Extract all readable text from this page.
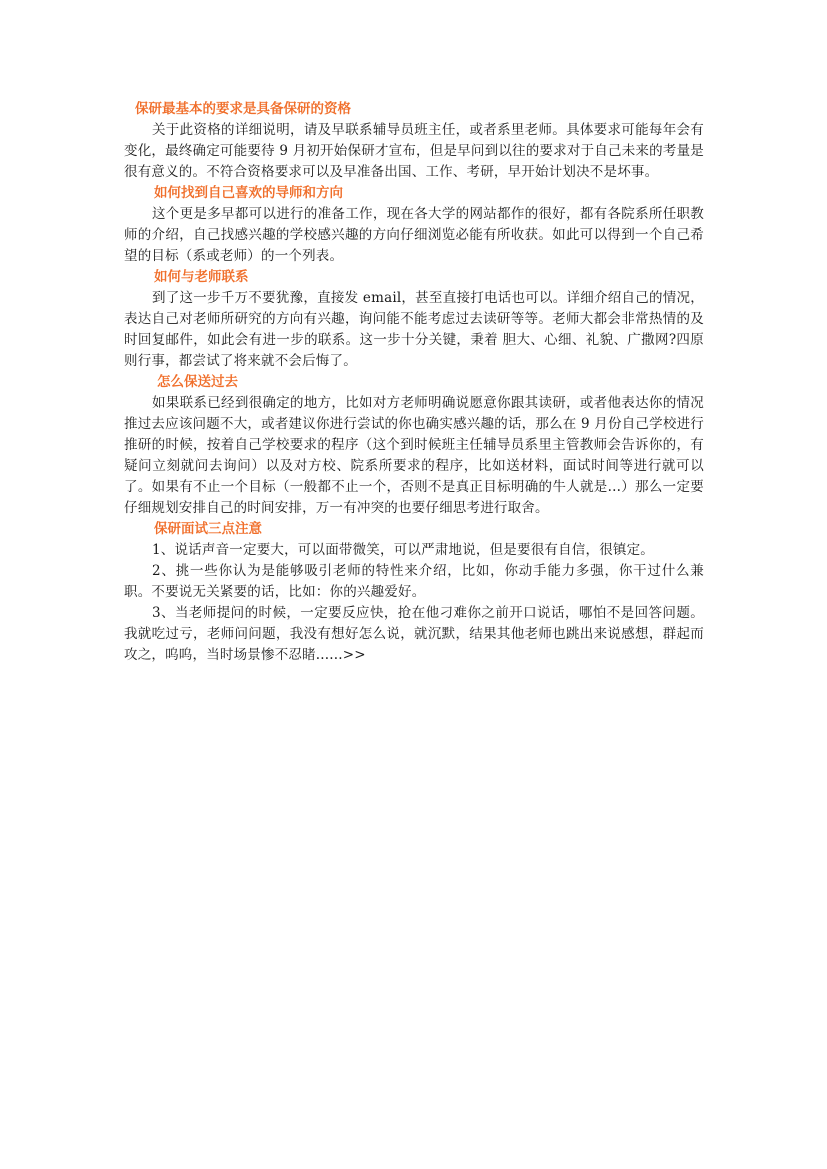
保研最基本的要求是具备保研的资格

关于此资格的详细说明，请及早联系辅导员班主任，或者系里老师。具体要求可能每年会有变化，最终确定可能要待 9 月初开始保研才宣布，但是早问到以往的要求对于自己未来的考量是很有意义的。不符合资格要求可以及早准备出国、工作、考研，早开始计划决不是坏事。

如何找到自己喜欢的导师和方向

这个更是多早都可以进行的准备工作，现在各大学的网站都作的很好，都有各院系所任职教师的介绍，自己找感兴趣的学校感兴趣的方向仔细浏览必能有所收获。如此可以得到一个自己希望的目标（系或老师）的一个列表。

如何与老师联系

到了这一步千万不要犹豫，直接发 email，甚至直接打电话也可以。详细介绍自己的情况，表达自己对老师所研究的方向有兴趣，询问能不能考虑过去读研等等。老师大都会非常热情的及时回复邮件，如此会有进一步的联系。这一步十分关键，秉着 胆大、心细、礼貌、广撒网?四原则行事，都尝试了将来就不会后悔了。

怎么保送过去

如果联系已经到很确定的地方，比如对方老师明确说愿意你跟其读研，或者他表达你的情况推过去应该问题不大，或者建议你进行尝试的你也确实感兴趣的话，那么在 9 月份自己学校进行推研的时候，按着自己学校要求的程序（这个到时候班主任辅导员系里主管教师会告诉你的，有疑问立刻就问去询问）以及对方校、院系所要求的程序，比如送材料，面试时间等进行就可以了。如果有不止一个目标（一般都不止一个，否则不是真正目标明确的牛人就是...）那么一定要仔细规划安排自己的时间安排，万一有冲突的也要仔细思考进行取舍。

保研面试三点注意

1、说话声音一定要大，可以面带微笑，可以严肃地说，但是要很有自信，很镇定。

2、挑一些你认为是能够吸引老师的特性来介绍，比如，你动手能力多强，你干过什么兼职。不要说无关紧要的话，比如：你的兴趣爱好。

3、当老师提问的时候，一定要反应快，抢在他刁难你之前开口说话，哪怕不是回答问题。我就吃过亏，老师问问题，我没有想好怎么说，就沉默，结果其他老师也跳出来说感想，群起而攻之，呜呜，当时场景惨不忍睹......>>
